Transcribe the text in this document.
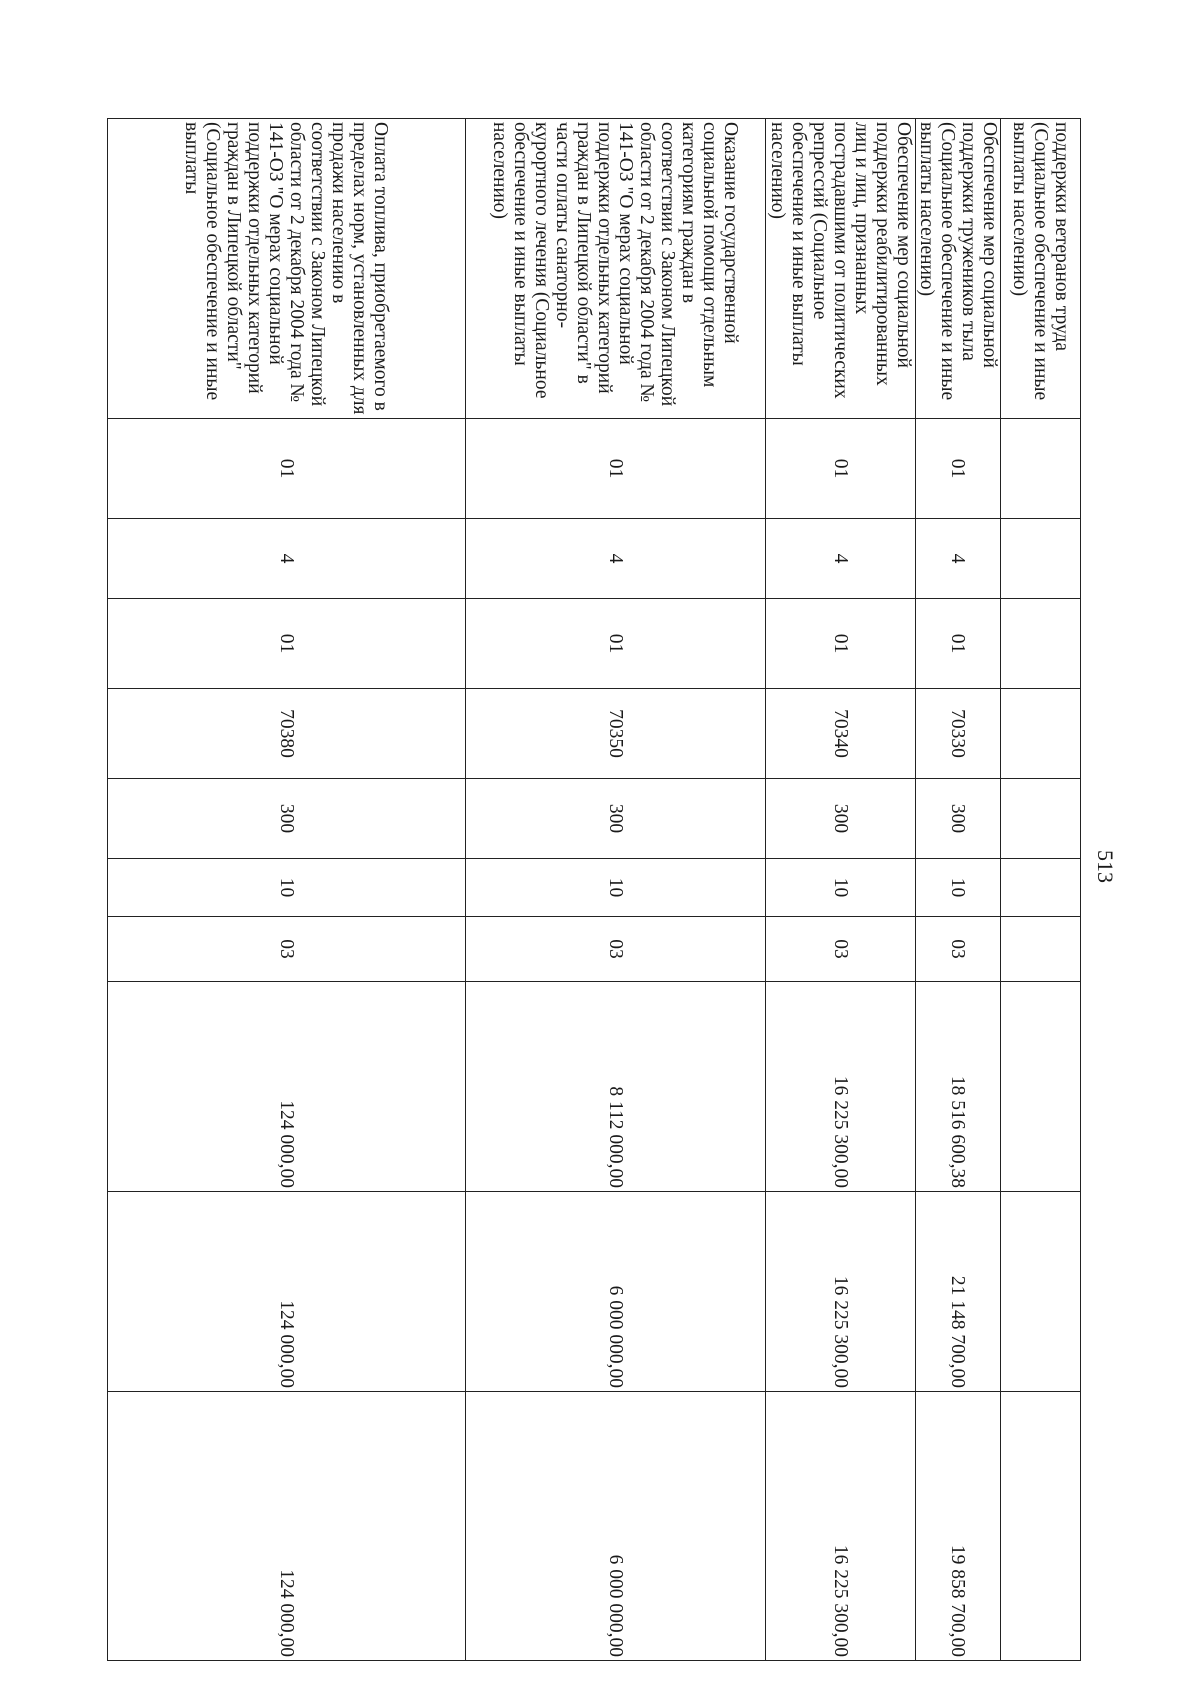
513
поддержки ветеранов труда (Социальное обеспечение и иные выплаты населению)										
Обеспечение мер социальной поддержки тружеников тыла (Социальное обеспечение и иные выплаты населению)	01	4	01	70330	300	10	03	18 516 600,38	21 148 700,00	19 858 700,00
Обеспечение мер социальной поддержки реабилитированных лиц и лиц, признанных пострадавшими от политических репрессий (Социальное обеспечение и иные выплаты населению)	01	4	01	70340	300	10	03	16 225 300,00	16 225 300,00	16 225 300,00
Оказание государственной социальной помощи отдельным категориям граждан в соответствии с Законом Липецкой области от 2 декабря 2004 года № 141-ОЗ "О мерах социальной поддержки отдельных категорий граждан в Липецкой области" в части оплаты санаторно-курортного лечения (Социальное обеспечение и иные выплаты населению)	01	4	01	70350	300	10	03	8 112 000,00	6 000 000,00	6 000 000,00
Оплата топлива, приобретаемого в пределах норм, установленных для продажи населению в соответствии с Законом Липецкой области от 2 декабря 2004 года № 141-ОЗ "О мерах социальной поддержки отдельных категорий граждан в Липецкой области" (Социальное обеспечение и иные выплаты	01	4	01	70380	300	10	03	124 000,00	124 000,00	124 000,00
